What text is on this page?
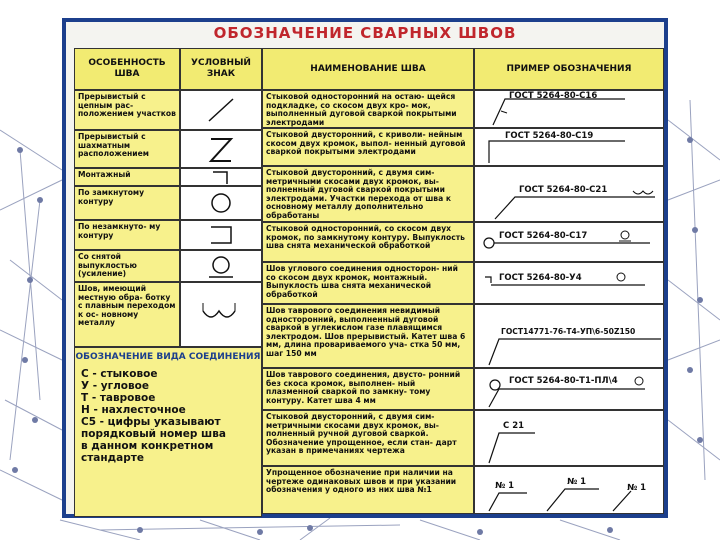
ОБОЗНАЧЕНИЕ СВАРНЫХ ШВОВ
ОСОБЕННОСТЬ ШВА
УСЛОВНЫЙ ЗНАК
НАИМЕНОВАНИЕ ШВА	ПРИМЕР ОБОЗНАЧЕНИЯ
Прерывистый с цепным рас- положением участков
Прерывистый с шахматным расположением
Монтажный
По замкнутому контуру
По незамкнуто- му контуру
Со снятой выпуклостью (усиление)
Шов, имеющий местную обра- ботку с плавным переходом к ос- новному металлу
ОБОЗНАЧЕНИЕ ВИДА СОЕДИНЕНИЯ
С - стыковое
У - угловое
Т - тавровое
Н - нахлесточное
С5 - цифры указывают
порядковый номер шва
в данном конкретном
стандарте
Стыковой односторонний на остаю- щейся подкладке, со скосом двух кро- мок, выполненный дуговой сваркой покрытыми электродами
Стыковой двусторонний, с криволи- нейным скосом двух кромок, выпол- ненный дуговой сваркой покрытыми электродами
Стыковой двусторонний, с двумя сим- метричными скосами двух кромок, вы- полненный дуговой сваркой покрытыми электродами. Участки перехода от шва к основному металлу дополнительно обработаны
Стыковой односторонний, со скосом двух кромок, по замкнутому контуру. Выпуклость шва снята механической обработкой
Шов углового соединения односторон- ний со скосом двух кромок, монтажный. Выпуклость шва снята механической обработкой
Шов таврового соединения невидимый односторонний, выполненный дуговой сваркой в углекислом газе плавящимся электродом. Шов прерывистый. Катет шва 6 мм, длина провариваемого уча- стка 50 мм, шаг 150 мм
Шов таврового соединения, двусто- ронний без скоса кромок, выполнен- ный плазменной сваркой по замкну- тому контуру. Катет шва 4 мм
Стыковой двусторонний, с двумя сим- метричными скосами двух кромок, вы- полненный ручной дуговой сваркой. Обозначение упрощенное, если стан- дарт указан в примечаниях чертежа
Упрощенное обозначение при наличии на чертеже одинаковых швов и при указании обозначения у одного из них шва №1
ГОСТ 5264-80-С16
ГОСТ 5264-80-С19
ГОСТ 5264-80-С21
ГОСТ 5264-80-С17
ГОСТ 5264-80-У4
ГОСТ14771-76-Т4-УП\6-50Z150
ГОСТ 5264-80-Т1-ПЛ\4
С 21
№ 1	№ 1
№ 1
